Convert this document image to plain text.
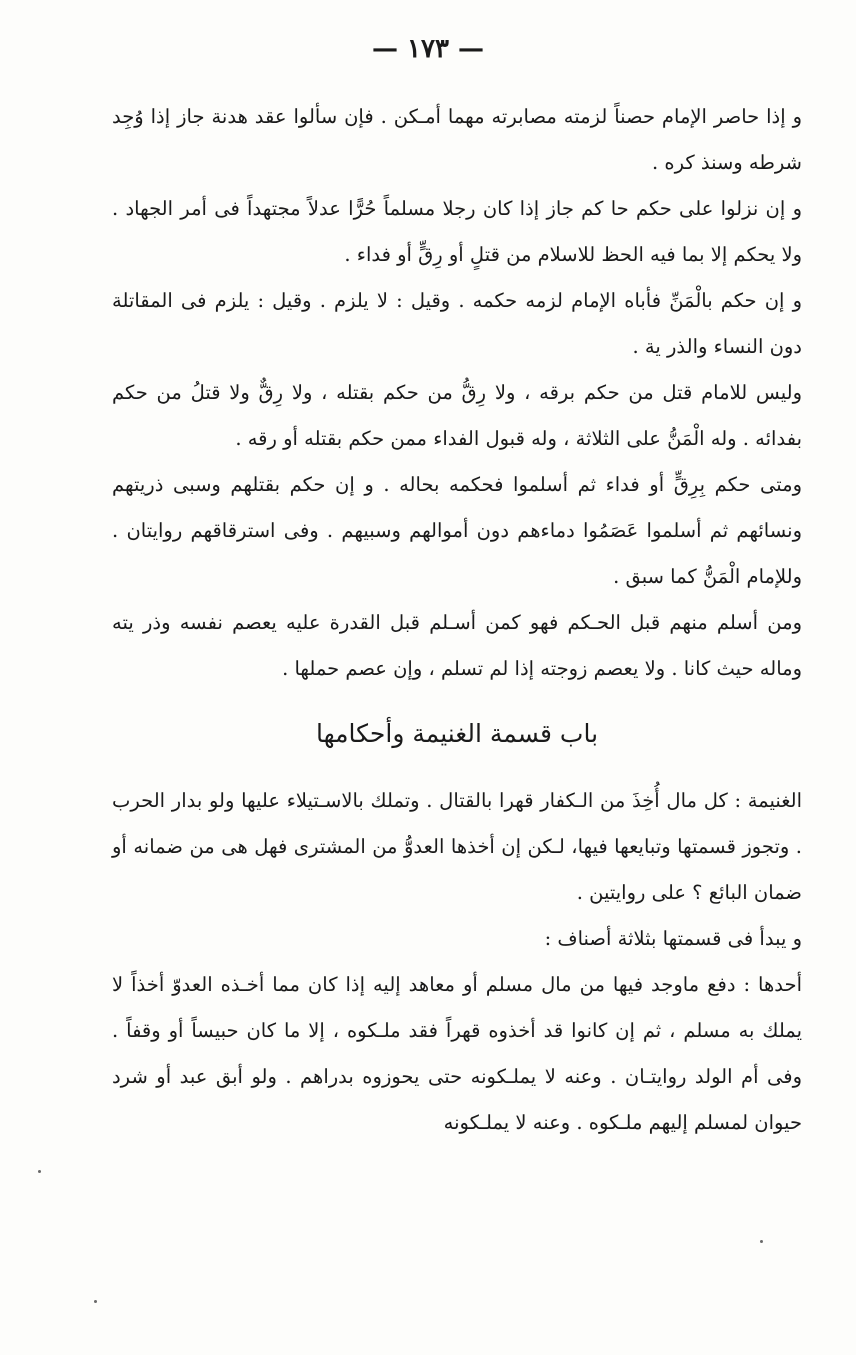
— ١٧٣ —

و إذا حاصر الإمام حصناً لزمته مصابرته مهما أمـكن . فإن سألوا عقد هدنة جاز إذا وُجِد شرطه وسنذ كره .

و إن نزلوا على حكم حا كم جاز إذا كان رجلا مسلماً حُرًّا عدلاً مجتهداً فى أمر الجهاد . ولا يحكم إلا بما فيه الحظ للاسلام من قتلٍ أو رِقٍّ أو فداء .

و إن حكم بالْمَنِّ فأباه الإمام لزمه حكمه . وقيل : لا يلزم . وقيل : يلزم فى المقاتلة دون النساء والذر ية .

وليس للامام قتل من حكم برقه ، ولا رِقُّ من حكم بقتله ، ولا رِقٌّ ولا قتلُ من حكم بفدائه . وله الْمَنُّ على الثلاثة ، وله قبول الفداء ممن حكم بقتله أو رقه .

ومتى حكم بِرِقٍّ أو فداء ثم أسلموا فحكمه بحاله . و إن حكم بقتلهم وسبى ذريتهم ونسائهم ثم أسلموا عَصَمُوا دماءهم دون أموالهم وسبيهم . وفى استرقاقهم روايتان . وللإمام الْمَنُّ كما سبق .

ومن أسلم منهم قبل الحـكم فهو كمن أسـلم قبل القدرة عليه يعصم نفسه وذر يته وماله حيث كانا . ولا يعصم زوجته إذا لم تسلم ، وإن عصم حملها .

باب قسمة الغنيمة وأحكامها

الغنيمة : كل مال أُخِذَ من الـكفار قهرا بالقتال . وتملك بالاسـتيلاء عليها ولو بدار الحرب . وتجوز قسمتها وتبايعها فيها، لـكن إن أخذها العدوُّ من المشترى فهل هى من ضمانه أو ضمان البائع ؟ على روايتين .

و يبدأ فى قسمتها بثلاثة أصناف :

أحدها : دفع ماوجد فيها من مال مسلم أو معاهد إليه إذا كان مما أخـذه العدوّ أخذاً لا يملك به مسلم ، ثم إن كانوا قد أخذوه قهراً فقد ملـكوه ، إلا ما كان حبيساً أو وقفاً . وفى أم الولد روايتـان . وعنه لا يملـكونه حتى يحوزوه بدراهم . ولو أبق عبد أو شرد حيوان لمسلم إليهم ملـكوه . وعنه لا يملـكونه
